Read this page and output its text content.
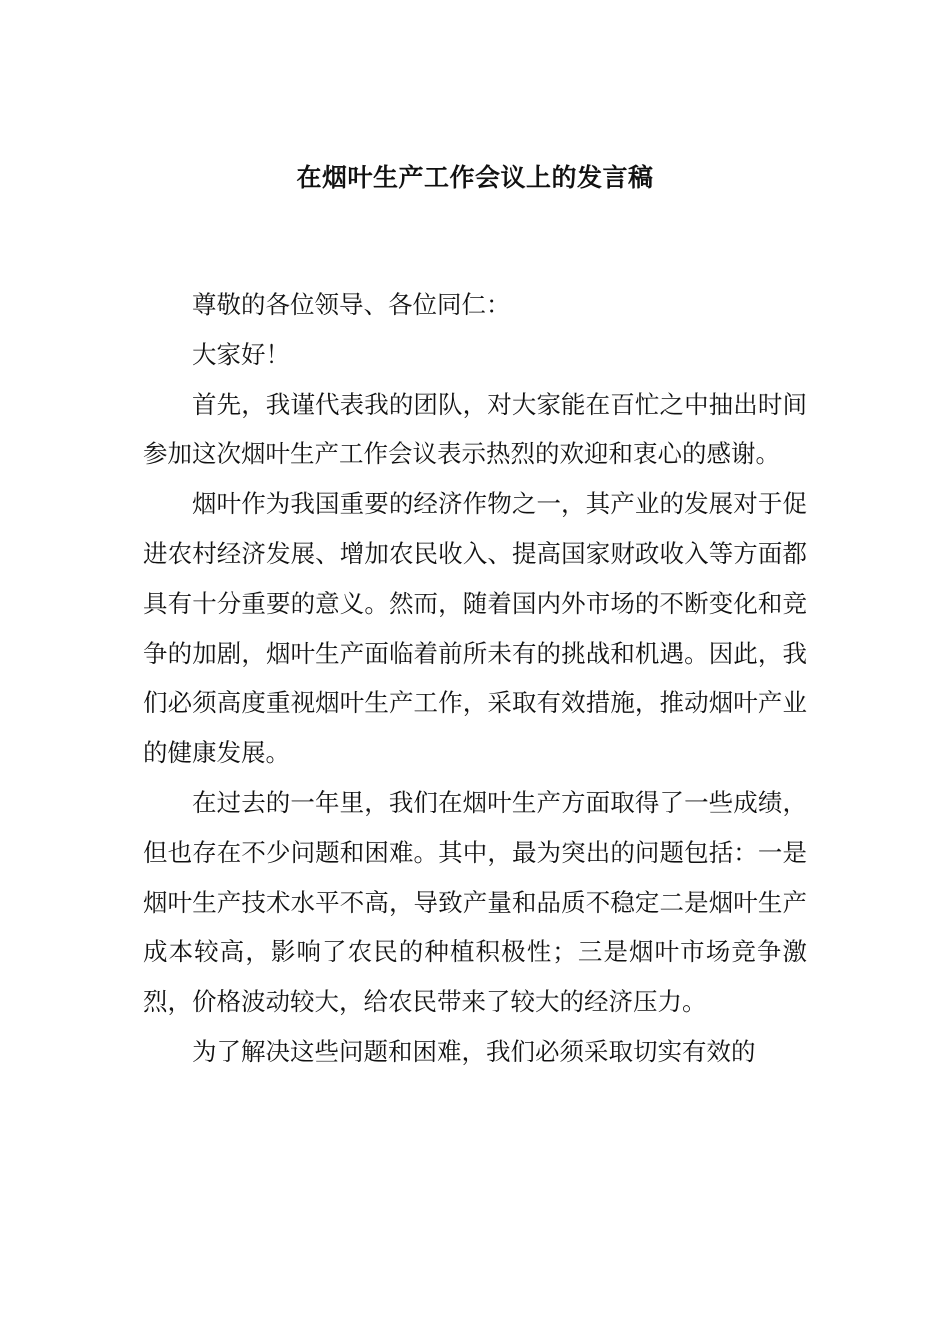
在烟叶生产工作会议上的发言稿

尊敬的各位领导、各位同仁：

大家好！

首先，我谨代表我的团队，对大家能在百忙之中抽出时间参加这次烟叶生产工作会议表示热烈的欢迎和衷心的感谢。

烟叶作为我国重要的经济作物之一，其产业的发展对于促进农村经济发展、增加农民收入、提高国家财政收入等方面都具有十分重要的意义。然而，随着国内外市场的不断变化和竞争的加剧，烟叶生产面临着前所未有的挑战和机遇。因此，我们必须高度重视烟叶生产工作，采取有效措施，推动烟叶产业的健康发展。

在过去的一年里，我们在烟叶生产方面取得了一些成绩，但也存在不少问题和困难。其中，最为突出的问题包括：一是烟叶生产技术水平不高，导致产量和品质不稳定二是烟叶生产成本较高，影响了农民的种植积极性；三是烟叶市场竞争激烈，价格波动较大，给农民带来了较大的经济压力。

为了解决这些问题和困难，我们必须采取切实有效的
